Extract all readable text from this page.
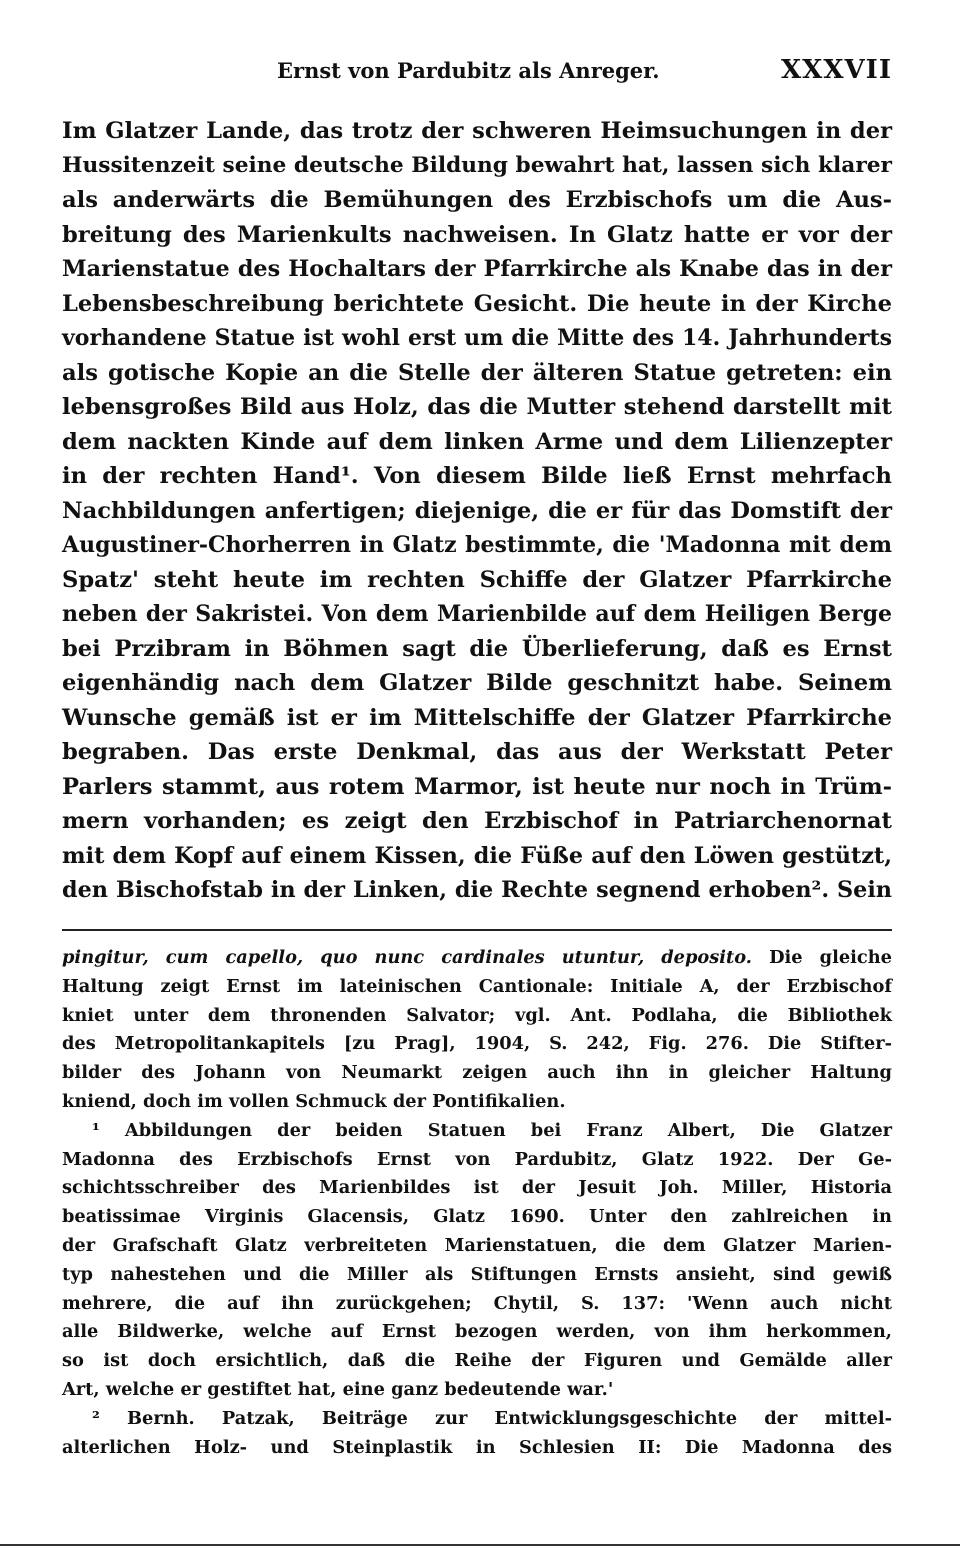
Ernst von Pardubitz als Anreger.	XXXVII
Im Glatzer Lande, das trotz der schweren Heimsuchungen in der
Hussitenzeit seine deutsche Bildung bewahrt hat, lassen sich klarer
als anderwärts die Bemühungen des Erzbischofs um die Aus-
breitung des Marienkults nachweisen. In Glatz hatte er vor der
Marienstatue des Hochaltars der Pfarrkirche als Knabe das in der
Lebensbeschreibung berichtete Gesicht. Die heute in der Kirche
vorhandene Statue ist wohl erst um die Mitte des 14. Jahrhunderts
als gotische Kopie an die Stelle der älteren Statue getreten: ein
lebensgroßes Bild aus Holz, das die Mutter stehend darstellt mit
dem nackten Kinde auf dem linken Arme und dem Lilienzepter
in der rechten Hand¹. Von diesem Bilde ließ Ernst mehrfach
Nachbildungen anfertigen; diejenige, die er für das Domstift der
Augustiner-Chorherren in Glatz bestimmte, die 'Madonna mit dem
Spatz' steht heute im rechten Schiffe der Glatzer Pfarrkirche
neben der Sakristei. Von dem Marienbilde auf dem Heiligen Berge
bei Przibram in Böhmen sagt die Überlieferung, daß es Ernst
eigenhändig nach dem Glatzer Bilde geschnitzt habe. Seinem
Wunsche gemäß ist er im Mittelschiffe der Glatzer Pfarrkirche
begraben. Das erste Denkmal, das aus der Werkstatt Peter
Parlers stammt, aus rotem Marmor, ist heute nur noch in Trüm-
mern vorhanden; es zeigt den Erzbischof in Patriarchenornat
mit dem Kopf auf einem Kissen, die Füße auf den Löwen gestützt,
den Bischofstab in der Linken, die Rechte segnend erhoben². Sein
pingitur, cum capello, quo nunc cardinales utuntur, deposito. Die gleiche
Haltung zeigt Ernst im lateinischen Cantionale: Initiale A, der Erzbischof
kniet unter dem thronenden Salvator; vgl. Ant. Podlaha, die Bibliothek
des Metropolitankapitels [zu Prag], 1904, S. 242, Fig. 276. Die Stifter-
bilder des Johann von Neumarkt zeigen auch ihn in gleicher Haltung
kniend, doch im vollen Schmuck der Pontifikalien.
¹ Abbildungen der beiden Statuen bei Franz Albert, Die Glatzer
Madonna des Erzbischofs Ernst von Pardubitz, Glatz 1922. Der Ge-
schichtsschreiber des Marienbildes ist der Jesuit Joh. Miller, Historia
beatissimae Virginis Glacensis, Glatz 1690. Unter den zahlreichen in
der Grafschaft Glatz verbreiteten Marienstatuen, die dem Glatzer Marien-
typ nahestehen und die Miller als Stiftungen Ernsts ansieht, sind gewiß
mehrere, die auf ihn zurückgehen; Chytil, S. 137: 'Wenn auch nicht
alle Bildwerke, welche auf Ernst bezogen werden, von ihm herkommen,
so ist doch ersichtlich, daß die Reihe der Figuren und Gemälde aller
Art, welche er gestiftet hat, eine ganz bedeutende war.'
² Bernh. Patzak, Beiträge zur Entwicklungsgeschichte der mittel-
alterlichen Holz- und Steinplastik in Schlesien II: Die Madonna des
